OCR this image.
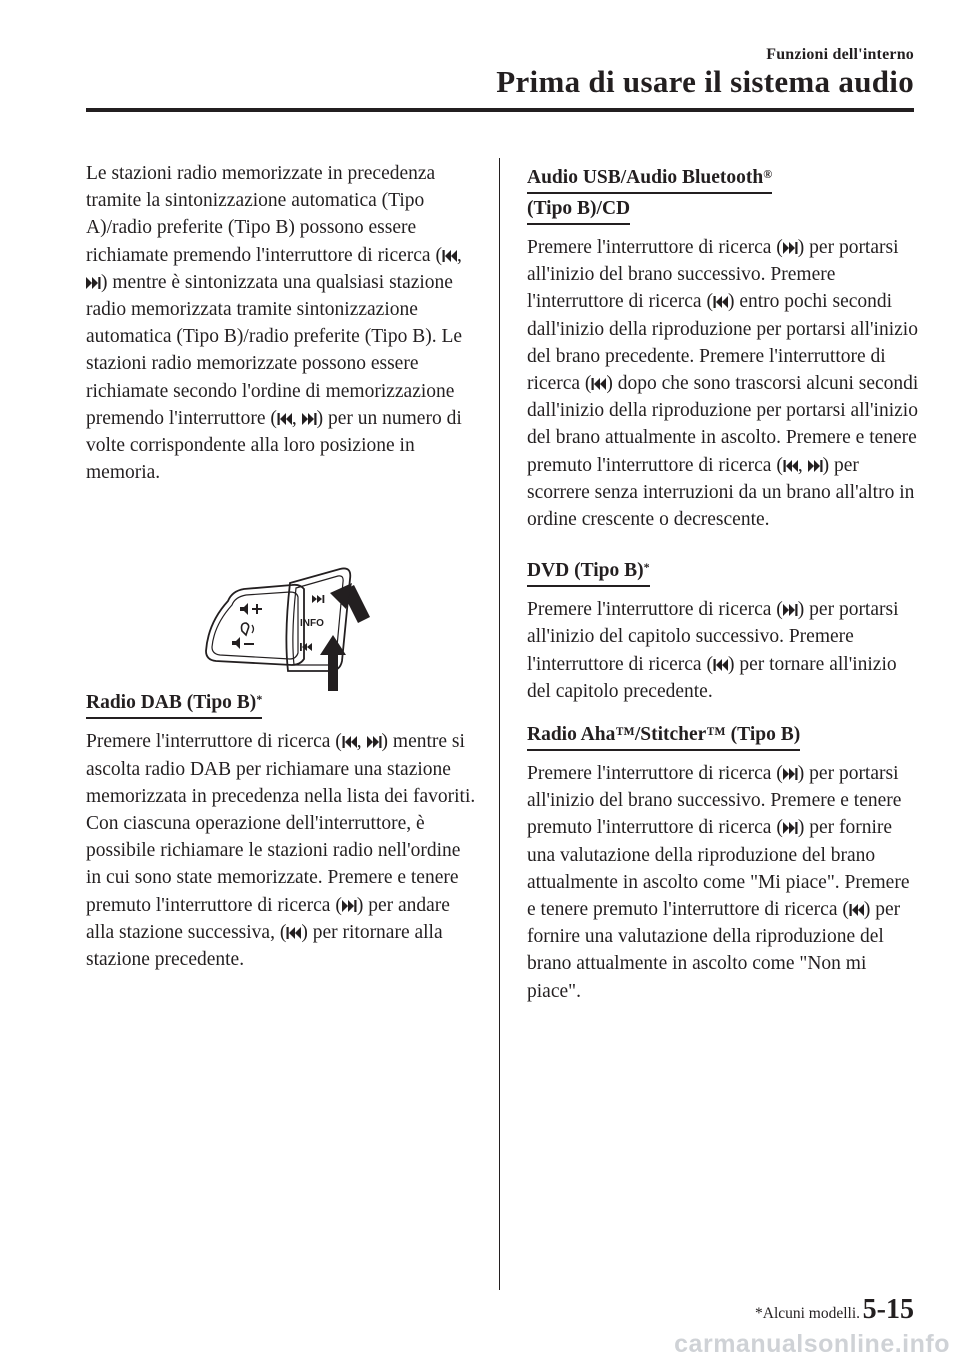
Funzioni dell'interno
Prima di usare il sistema audio

Le stazioni radio memorizzate in precedenza tramite la sintonizzazione automatica (Tipo A)/radio preferite (Tipo B) possono essere richiamate premendo l'interruttore di ricerca ( , ) mentre è sintonizzata una qualsiasi stazione radio memorizzata tramite sintonizzazione automatica (Tipo B)/radio preferite (Tipo B). Le stazioni radio memorizzate possono essere richiamate secondo l'ordine di memorizzazione premendo l'interruttore ( , ) per un numero di volte corrispondente alla loro posizione in memoria.

Radio DAB (Tipo B)*

Premere l'interruttore di ricerca ( , ) mentre si ascolta radio DAB per richiamare una stazione memorizzata in precedenza nella lista dei favoriti. Con ciascuna operazione dell'interruttore, è possibile richiamare le stazioni radio nell'ordine in cui sono state memorizzate. Premere e tenere premuto l'interruttore di ricerca ( ) per andare alla stazione successiva, ( ) per ritornare alla stazione precedente.

INFO
Audio USB/Audio Bluetooth®
(Tipo B)/CD

Premere l'interruttore di ricerca ( ) per portarsi all'inizio del brano successivo. Premere l'interruttore di ricerca ( ) entro pochi secondi dall'inizio della riproduzione per portarsi all'inizio del brano precedente. Premere l'interruttore di ricerca ( ) dopo che sono trascorsi alcuni secondi dall'inizio della riproduzione per portarsi all'inizio del brano attualmente in ascolto. Premere e tenere premuto l'interruttore di ricerca ( , ) per scorrere senza interruzioni da un brano all'altro in ordine crescente o decrescente.

DVD (Tipo B)*

Premere l'interruttore di ricerca ( ) per portarsi all'inizio del capitolo successivo. Premere l'interruttore di ricerca ( ) per tornare all'inizio del capitolo precedente.

Radio Aha™/Stitcher™ (Tipo B)

Premere l'interruttore di ricerca ( ) per portarsi all'inizio del brano successivo. Premere e tenere premuto l'interruttore di ricerca ( ) per fornire una valutazione della riproduzione del brano attualmente in ascolto come "Mi piace". Premere e tenere premuto l'interruttore di ricerca ( ) per fornire una valutazione della riproduzione del brano attualmente in ascolto come "Non mi piace".

*Alcuni modelli. 5-15
carmanualsonline.info
